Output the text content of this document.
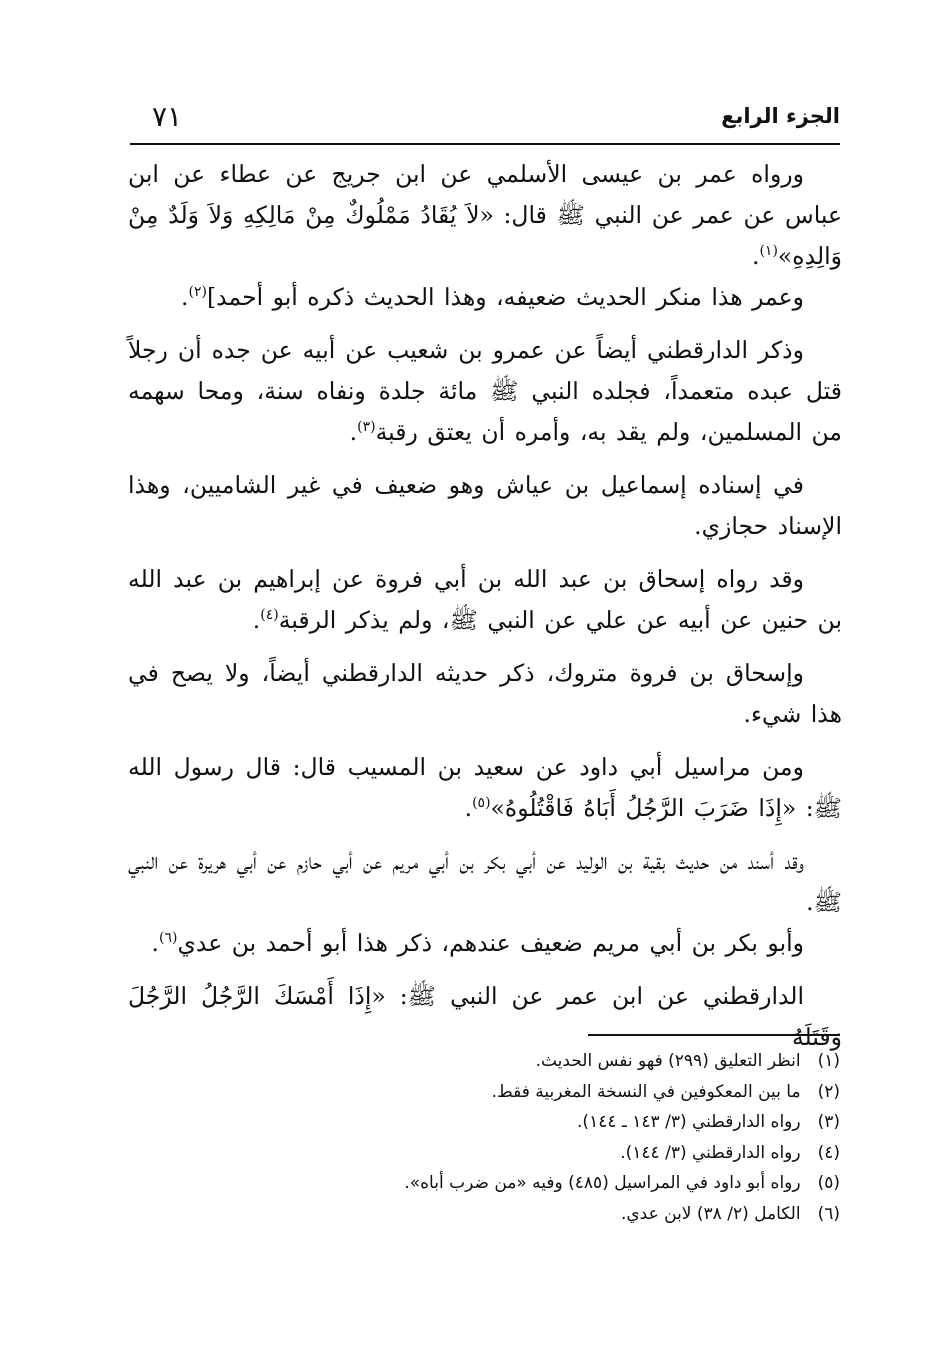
الجزء الرابع
٧١

ورواه عمر بن عيسى الأسلمي عن ابن جريج عن عطاء عن ابن عباس عن عمر عن النبي ﷺ قال: «لاَ يُقَادُ مَمْلُوكٌ مِنْ مَالِكِهِ وَلاَ وَلَدٌ مِنْ وَالِدِهِ»$^{(١)}$.

وعمر هذا منكر الحديث ضعيفه، وهذا الحديث ذكره أبو أحمد]$^{(٢)}$.

وذكر الدارقطني أيضاً عن عمرو بن شعيب عن أبيه عن جده أن رجلاً قتل عبده متعمداً، فجلده النبي ﷺ مائة جلدة ونفاه سنة، ومحا سهمه من المسلمين، ولم يقد به، وأمره أن يعتق رقبة$^{(٣)}$.

في إسناده إسماعيل بن عياش وهو ضعيف في غير الشاميين، وهذا الإسناد حجازي.

وقد رواه إسحاق بن عبد الله بن أبي فروة عن إبراهيم بن عبد الله بن حنين عن أبيه عن علي عن النبي ﷺ، ولم يذكر الرقبة$^{(٤)}$.

وإسحاق بن فروة متروك، ذكر حديثه الدارقطني أيضاً، ولا يصح في هذا شيء.

ومن مراسيل أبي داود عن سعيد بن المسيب قال: قال رسول الله ﷺ: «إِذَا ضَرَبَ الرَّجُلُ أَبَاهُ فَاقْتُلُوهُ»$^{(٥)}$.

وقد أسند من حديث بقية بن الوليد عن أبي بكر بن أبي مريم عن أبي حازم عن أبي هريرة عن النبي ﷺ.

وأبو بكر بن أبي مريم ضعيف عندهم، ذكر هذا أبو أحمد بن عدي$^{(٦)}$.

الدارقطني عن ابن عمر عن النبي ﷺ: «إِذَا أَمْسَكَ الرَّجُلُ الرَّجُلَ وَقَتَلَهُ

(١) انظر التعليق (٢٩٩) فهو نفس الحديث.
(٢) ما بين المعكوفين في النسخة المغربية فقط.
(٣) رواه الدارقطني (٣/ ١٤٣ ـ ١٤٤).
(٤) رواه الدارقطني (٣/ ١٤٤).
(٥) رواه أبو داود في المراسيل (٤٨٥) وفيه «من ضرب أباه».
(٦) الكامل (٢/ ٣٨) لابن عدي.
